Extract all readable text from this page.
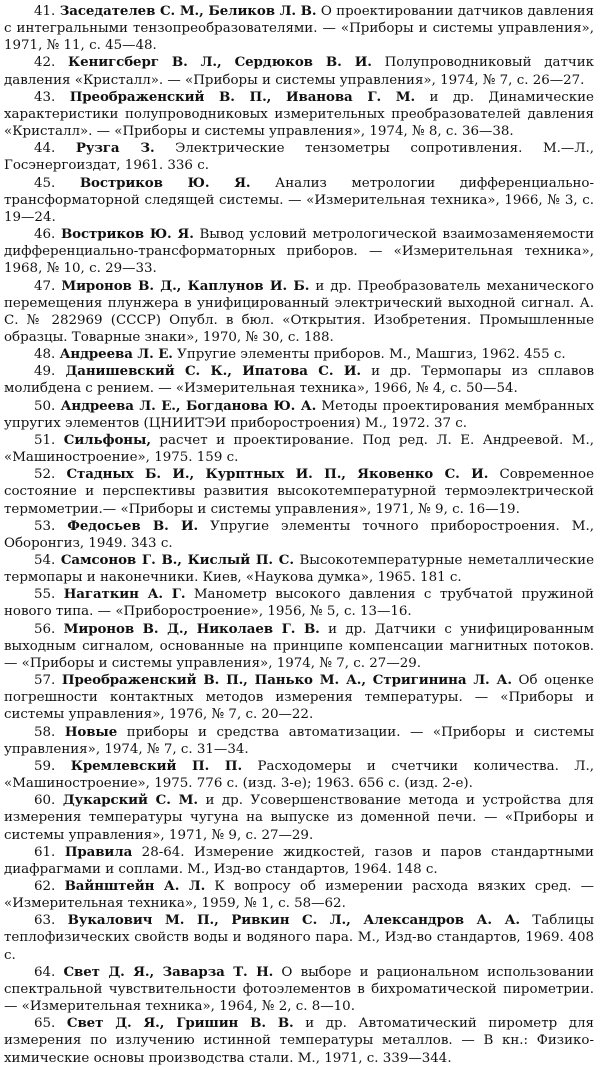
41. Заседателев С. М., Беликов Л. В. О проектировании датчиков давления с интегральными тензопреобразователями. — «Приборы и системы управления», 1971, № 11, с. 45—48.

42. Кенигсберг В. Л., Сердюков В. И. Полупроводниковый датчик давления «Кристалл». — «Приборы и системы управления», 1974, № 7, с. 26—27.

43. Преображенский В. П., Иванова Г. М. и др. Динамические характеристики полупроводниковых измерительных преобразователей давления «Кристалл». — «Приборы и системы управления», 1974, № 8, с. 36—38.

44. Рузга З. Электрические тензометры сопротивления. М.—Л., Госэнергоиздат, 1961. 336 с.

45. Востриков Ю. Я. Анализ метрологии дифференциально-трансформаторной следящей системы. — «Измерительная техника», 1966, № 3, с. 19—24.

46. Востриков Ю. Я. Вывод условий метрологической взаимозаменяемости дифференциально-трансформаторных приборов. — «Измерительная техника», 1968, № 10, с. 29—33.

47. Миронов В. Д., Каплунов И. Б. и др. Преобразователь механического перемещения плунжера в унифицированный электрический выходной сигнал. А. С. № 282969 (СССР) Опубл. в бюл. «Открытия. Изобретения. Промышленные образцы. Товарные знаки», 1970, № 30, с. 188.

48. Андреева Л. Е. Упругие элементы приборов. М., Машгиз, 1962. 455 с.

49. Данишевский С. К., Ипатова С. И. и др. Термопары из сплавов молибдена с рением. — «Измерительная техника», 1966, № 4, с. 50—54.

50. Андреева Л. Е., Богданова Ю. А. Методы проектирования мембранных упругих элементов (ЦНИИТЭИ приборостроения) М., 1972. 37 с.

51. Сильфоны, расчет и проектирование. Под ред. Л. Е. Андреевой. М., «Машиностроение», 1975. 159 с.

52. Стадных Б. И., Курптных И. П., Яковенко С. И. Современное состояние и перспективы развития высокотемпературной термоэлектрической термометрии.— «Приборы и системы управления», 1971, № 9, с. 16—19.

53. Федосьев В. И. Упругие элементы точного приборостроения. М., Оборонгиз, 1949. 343 с.

54. Самсонов Г. В., Кислый П. С. Высокотемпературные неметаллические термопары и наконечники. Киев, «Наукова думка», 1965. 181 с.

55. Нагаткин А. Г. Манометр высокого давления с трубчатой пружиной нового типа. — «Приборостроение», 1956, № 5, с. 13—16.

56. Миронов В. Д., Николаев Г. В. и др. Датчики с унифицированным выходным сигналом, основанные на принципе компенсации магнитных потоков. — «Приборы и системы управления», 1974, № 7, с. 27—29.

57. Преображенский В. П., Панько М. А., Стригинина Л. А. Об оценке погрешности контактных методов измерения температуры. — «Приборы и системы управления», 1976, № 7, с. 20—22.

58. Новые приборы и средства автоматизации. — «Приборы и системы управления», 1974, № 7, с. 31—34.

59. Кремлевский П. П. Расходомеры и счетчики количества. Л., «Машиностроение», 1975. 776 с. (изд. 3-е); 1963. 656 с. (изд. 2-е).

60. Дукарский С. М. и др. Усовершенствование метода и устройства для измерения температуры чугуна на выпуске из доменной печи. — «Приборы и системы управления», 1971, № 9, с. 27—29.

61. Правила 28-64. Измерение жидкостей, газов и паров стандартными диафрагмами и соплами. М., Изд-во стандартов, 1964. 148 с.

62. Вайнштейн А. Л. К вопросу об измерении расхода вязких сред. — «Измерительная техника», 1959, № 1, с. 58—62.

63. Вукалович М. П., Ривкин С. Л., Александров А. А. Таблицы теплофизических свойств воды и водяного пара. М., Изд-во стандартов, 1969. 408 с.

64. Свет Д. Я., Заварза Т. Н. О выборе и рациональном использовании спектральной чувствительности фотоэлементов в бихроматической пирометрии. — «Измерительная техника», 1964, № 2, с. 8—10.

65. Свет Д. Я., Гришин В. В. и др. Автоматический пирометр для измерения по излучению истинной температуры металлов. — В кн.: Физико-химические основы производства стали. М., 1971, с. 339—344.
